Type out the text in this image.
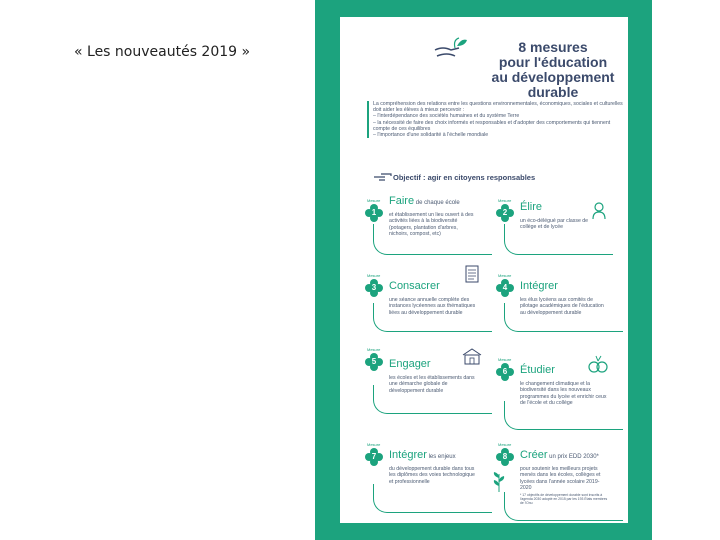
« Les nouveautés 2019 »	8 mesures
pour l'éducation
au développement durable
La compréhension des relations entre les questions environnementales, économiques, sociales et culturelles doit aider les élèves à mieux percevoir :
– l'interdépendance des sociétés humaines et du système Terre
– la nécessité de faire des choix informés et responsables et d'adopter des comportements qui tiennent compte de ces équilibres
– l'importance d'une solidarité à l'échelle mondiale
Objectif : agir en citoyens responsables
Mesure
1
Faire de chaque école
et établissement un lieu ouvert à des activités liées à la biodiversité (potagers, plantation d'arbres, nichoirs, compost, etc)
Mesure
2	Élire
un éco-délégué par classe de collège et de lycée
Mesure
3	Consacrer
une séance annuelle complète des instances lycéennes aux thématiques liées au développement durable
Mesure
4	Intégrer
les élus lycéens aux comités de pilotage académiques de l'éducation au développement durable
Mesure
5	Engager
les écoles et les établissements dans une démarche globale de développement durable
Mesure
6	Étudier
le changement climatique et la biodiversité dans les nouveaux programmes du lycée et enrichir ceux de l'école et du collège
Mesure
7	Intégrer les enjeux
du développement durable dans tous les diplômes des voies technologique et professionnelle
Mesure
8	Créer un prix EDD 2030*
pour soutenir les meilleurs projets menés dans les écoles, collèges et lycées dans l'année scolaire 2019-2020
* 17 objectifs de développement durable sont inscrits à l'agenda 2030 adopté en 2015 par les 193 États membres de l'Onu
